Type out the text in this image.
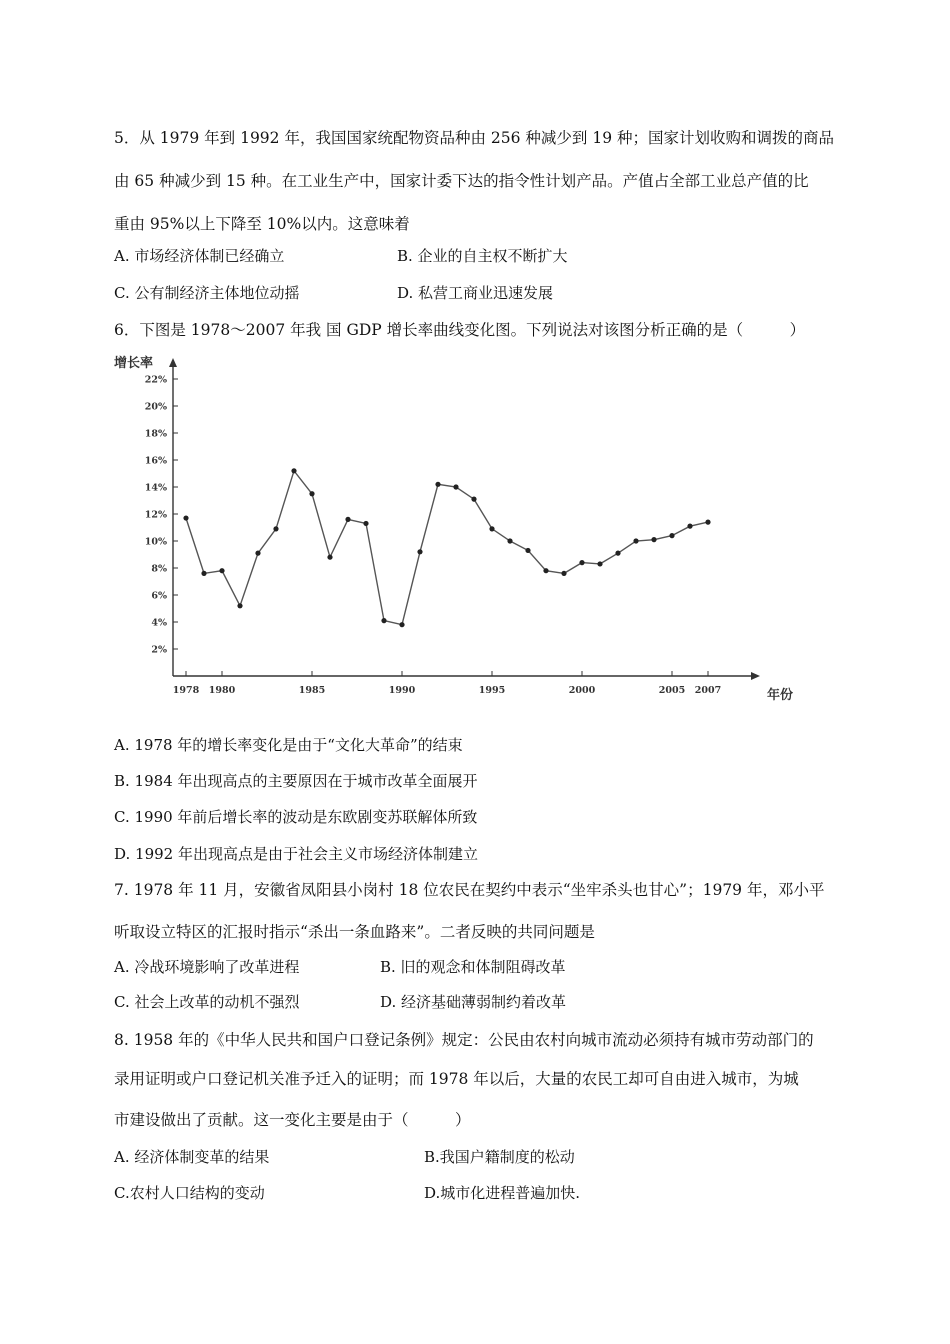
5．从 1979 年到 1992 年，我国国家统配物资品种由 256 种减少到 19 种；国家计划收购和调拨的商品
由 65 种减少到 15 种。在工业生产中，国家计委下达的指令性计划产品。产值占全部工业总产值的比
重由 95%以上下降至 10%以内。这意味着
A. 市场经济体制已经确立	B. 企业的自主权不断扩大
C. 公有制经济主体地位动摇	D. 私营工商业迅速发展
6．下图是 1978～2007 年我 国 GDP 增长率曲线变化图。下列说法对该图分析正确的是（　　　）
2%
4%
6%
8%
10%
12%
14%
16%
18%
20%
22%
1978 1980	1985	1990	1995	2000	2005 2007
增长率
年份
A. 1978 年的增长率变化是由于“文化大革命”的结束
B. 1984 年出现高点的主要原因在于城市改革全面展开
C. 1990 年前后增长率的波动是东欧剧变苏联解体所致
D. 1992 年出现高点是由于社会主义市场经济体制建立
7. 1978 年 11 月，安徽省凤阳县小岗村 18 位农民在契约中表示“坐牢杀头也甘心”；1979 年，邓小平
听取设立特区的汇报时指示“杀出一条血路来”。二者反映的共同问题是
A. 冷战环境影响了改革进程	B. 旧的观念和体制阻碍改革
C. 社会上改革的动机不强烈	D. 经济基础薄弱制约着改革
8. 1958 年的《中华人民共和国户口登记条例》规定：公民由农村向城市流动必须持有城市劳动部门的
录用证明或户口登记机关准予迁入的证明；而 1978 年以后，大量的农民工却可自由进入城市，为城
市建设做出了贡献。这一变化主要是由于（　　　）
A. 经济体制变革的结果	B.我国户籍制度的松动
C.农村人口结构的变动	D.城市化进程普遍加快.
